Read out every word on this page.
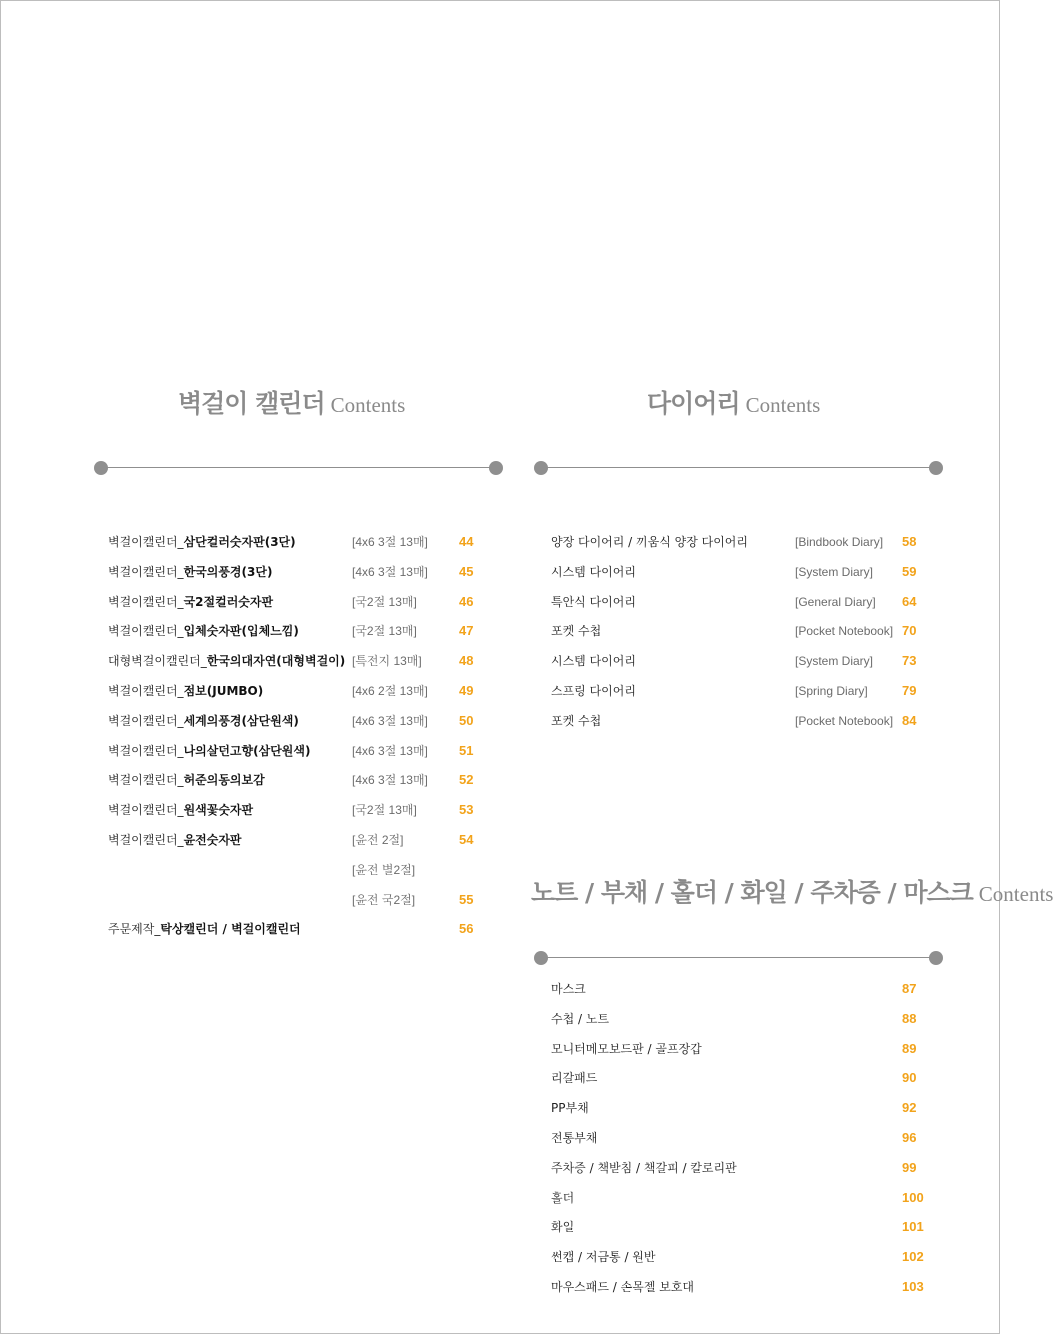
벽걸이 캘린더 Contents
벽걸이캘린더_삼단컬러숫자판(3단)	[4x6 3절 13매] 44
벽걸이캘린더_한국의풍경(3단)	[4x6 3절 13매] 45
벽걸이캘린더_국2절컬러숫자판	[국2절 13매]	46
벽걸이캘린더_입체숫자판(입체느낌)	[국2절 13매]	47
대형벽걸이캘린더_한국의대자연(대형벽걸이) [특전지 13매]	48
벽걸이캘린더_점보(JUMBO)	[4x6 2절 13매] 49
벽걸이캘린더_세계의풍경(삼단원색)	[4x6 3절 13매] 50
벽걸이캘린더_나의살던고향(삼단원색)	[4x6 3절 13매] 51
벽걸이캘린더_허준의동의보감	[4x6 3절 13매] 52
벽걸이캘린더_원색꽃숫자판	[국2절 13매]	53
벽걸이캘린더_윤전숫자판	[윤전 2절]	54
[윤전 별2절]
[윤전 국2절]	55
주문제작_탁상캘린더 / 벽걸이캘린더	56
다이어리 Contents
양장 다이어리 / 끼움식 양장 다이어리	[Bindbook Diary] 58
시스템 다이어리	[System Diary] 59
특안식 다이어리	[General Diary] 64
포켓 수첩	[Pocket Notebook] 70
시스템 다이어리	[System Diary] 73
스프링 다이어리	[Spring Diary]	79
포켓 수첩	[Pocket Notebook] 84
노트 / 부채 / 홀더 / 화일 / 주차증 / 마스크 Contents
마스크	87
수첩 / 노트	88
모니터메모보드판 / 골프장갑	89
리갈패드	90
PP부채	92
전통부채	96
주차증 / 책받침 / 책갈피 / 칼로리판	99
홀더	100
화일	101
썬캡 / 저금통 / 원반	102
마우스패드 / 손목젤 보호대	103
